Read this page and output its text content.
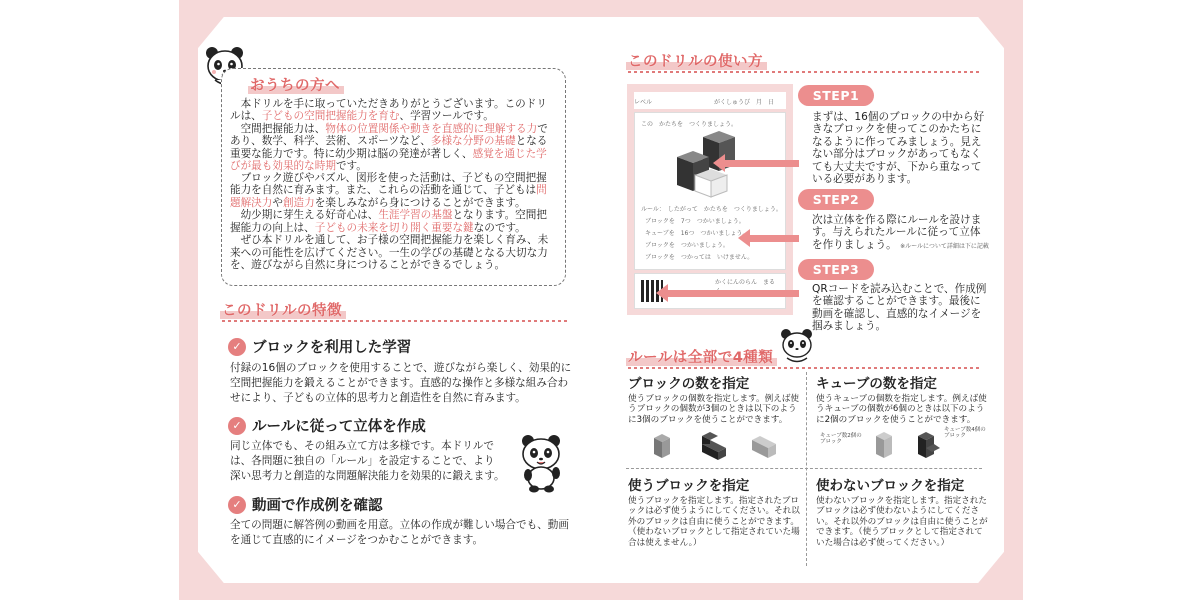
おうちの方へ

　本ドリルを手に取っていただきありがとうございます。このドリ

ルは、子どもの空間把握能力を育む、学習ツールです。

　空間把握能力は、物体の位置関係や動きを直感的に理解する力で

あり、数学、科学、芸術、スポーツなど、多様な分野の基礎となる

重要な能力です。特に幼少期は脳の発達が著しく、感覚を通じた学

びが最も効果的な時期です。

　ブロック遊びやパズル、図形を使った活動は、子どもの空間把握

能力を自然に育みます。また、これらの活動を通じて、子どもは問

題解決力や創造力を楽しみながら身につけることができます。

　幼少期に芽生える好奇心は、生涯学習の基盤となります。空間把

握能力の向上は、子どもの未来を切り開く重要な鍵なのです。

　ぜひ本ドリルを通して、お子様の空間把握能力を楽しく育み、未

来への可能性を広げてください。一生の学びの基礎となる大切な力

を、遊びながら自然に身につけることができるでしょう。

このドリルの特徴
✓ ブロックを利用した学習
付録の16個のブロックを使用することで、遊びながら楽しく、効果的に
空間把握能力を鍛えることができます。直感的な操作と多様な組み合わ
せにより、子どもの立体的思考力と創造性を自然に育みます。
✓ ルールに従って立体を作成
同じ立体でも、その組み立て方は多様です。本ドリルで
は、各問題に独自の「ルール」を設定することで、より
深い思考力と創造的な問題解決能力を効果的に鍛えます。
✓ 動画で作成例を確認
全ての問題に解答例の動画を用意。立体の作成が難しい場合でも、動画
を通じて直感的にイメージをつかむことができます。
このドリルの使い方
レベル	がくしゅうび　月　日
この　かたちを　つくりましょう。
ルール：　したがって　かたちを　つくりましょう。
ブロックを　7つ　つかいましょう。
キューブを　16つ　つかいましょう。
ブロックを　つかいましょう。
ブロックを　つかっては　いけません。
かくにんのらん　まる　
STEP1
まずは、16個のブロックの中から好
きなブロックを使ってこのかたちに
なるように作ってみましょう。見え
ない部分はブロックがあってもなく
ても大丈夫ですが、下から重なって
いる必要があります。
STEP2
次は立体を作る際にルールを設けま
す。与えられたルールに従って立体
を作りましょう。 ※ルールについて詳細は下に記載
STEP3
QRコードを読み込むことで、作成例
を確認することができます。最後に
動画を確認し、直感的なイメージを
掴みましょう。
ルールは全部で4種類
ブロックの数を指定
使うブロックの個数を指定します。例えば使
うブロックの個数が3個のときは以下のよう
に3個のブロックを使うことができます。
キューブの数を指定
使うキューブの個数を指定します。例えば使
うキューブの個数が6個のときは以下のよう
に2個のブロックを使うことができます。
キューブ数2個の
ブロック
キューブ数4個の
ブロック
使うブロックを指定
使うブロックを指定します。指定されたブロ
ックは必ず使うようにしてください。それ以
外のブロックは自由に使うことができます。
（使わないブロックとして指定されていた場
合は使えません。）
使わないブロックを指定
使わないブロックを指定します。指定された
ブロックは必ず使わないようにしてくださ
い。それ以外のブロックは自由に使うことが
できます。（使うブロックとして指定されて
いた場合は必ず使ってください。）
